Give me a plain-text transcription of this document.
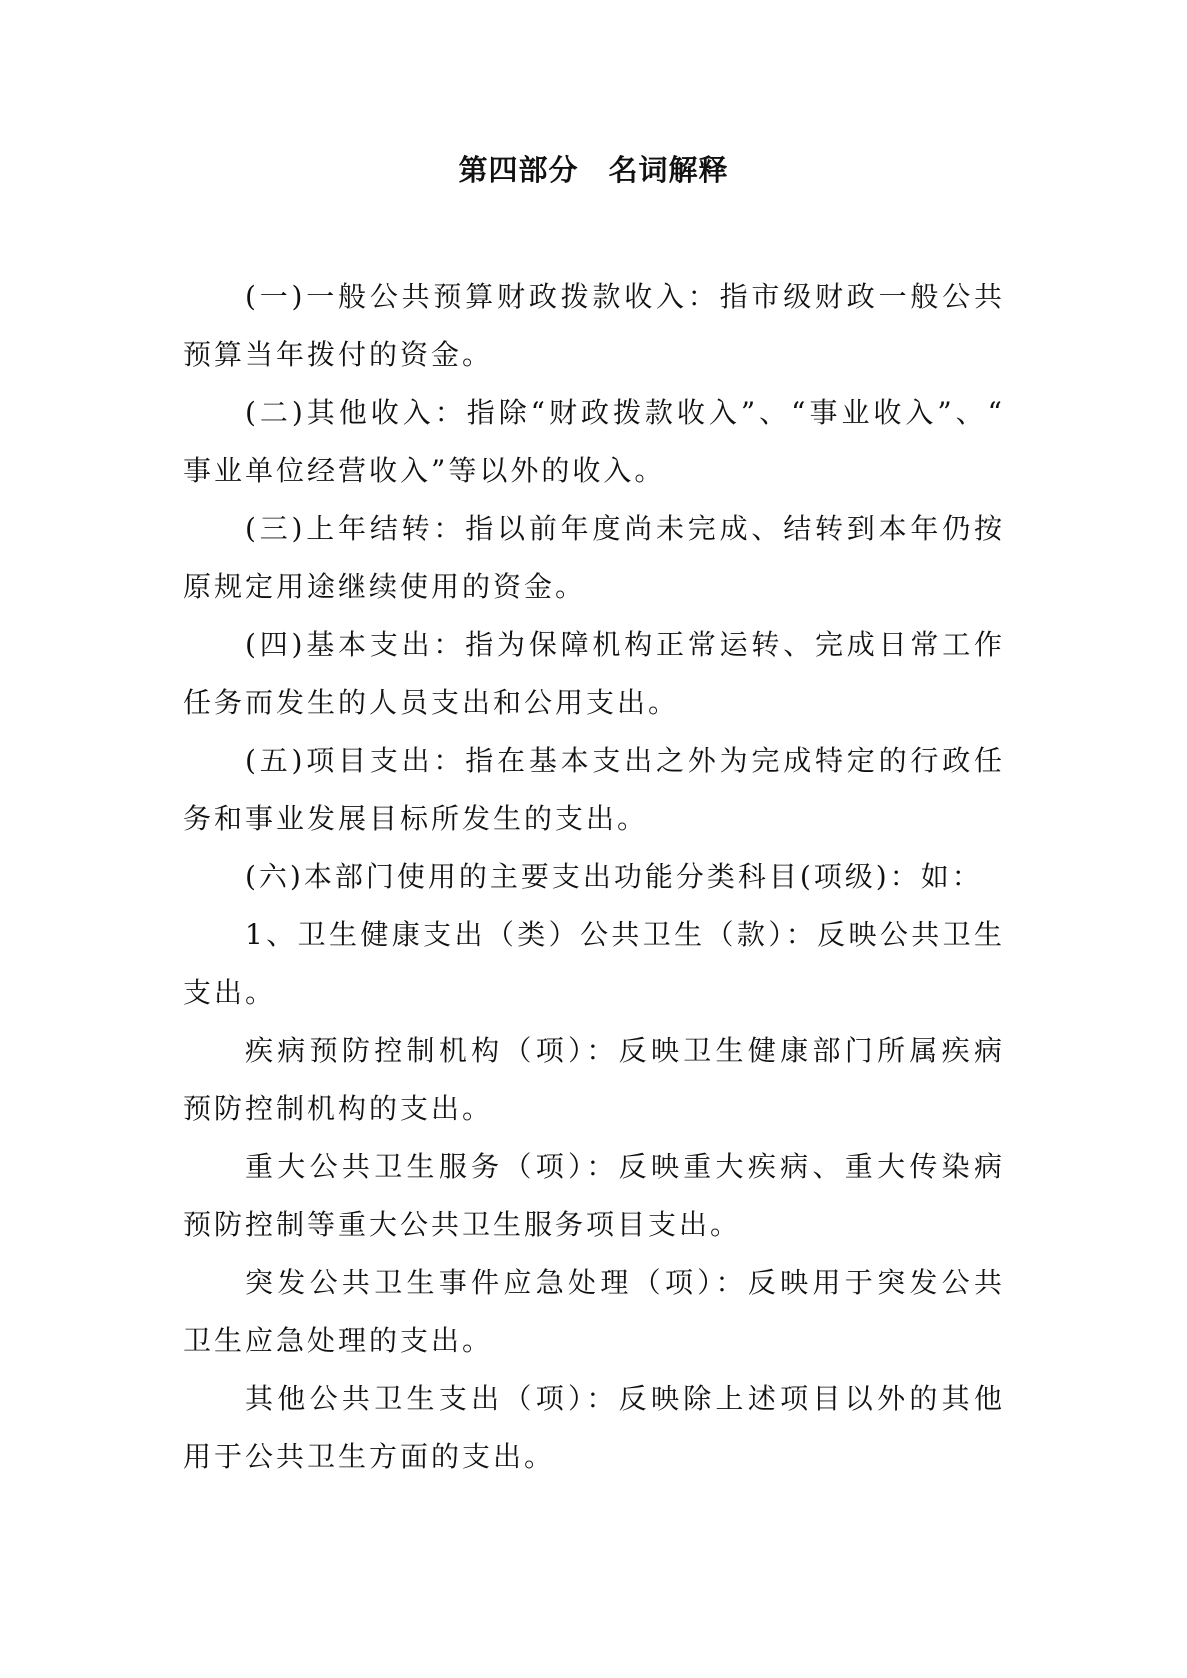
第四部分　名词解释

(一)一般公共预算财政拨款收入：指市级财政一般公共预算当年拨付的资金。

(二)其他收入：指除“财政拨款收入”、“事业收入”、“事业单位经营收入”等以外的收入。

(三)上年结转：指以前年度尚未完成、结转到本年仍按原规定用途继续使用的资金。

(四)基本支出：指为保障机构正常运转、完成日常工作任务而发生的人员支出和公用支出。

(五)项目支出：指在基本支出之外为完成特定的行政任务和事业发展目标所发生的支出。

(六)本部门使用的主要支出功能分类科目(项级)：如：

1、卫生健康支出（类）公共卫生（款）：反映公共卫生支出。

疾病预防控制机构（项）：反映卫生健康部门所属疾病预防控制机构的支出。

重大公共卫生服务（项）：反映重大疾病、重大传染病预防控制等重大公共卫生服务项目支出。

突发公共卫生事件应急处理（项）：反映用于突发公共卫生应急处理的支出。

其他公共卫生支出（项）：反映除上述项目以外的其他用于公共卫生方面的支出。
